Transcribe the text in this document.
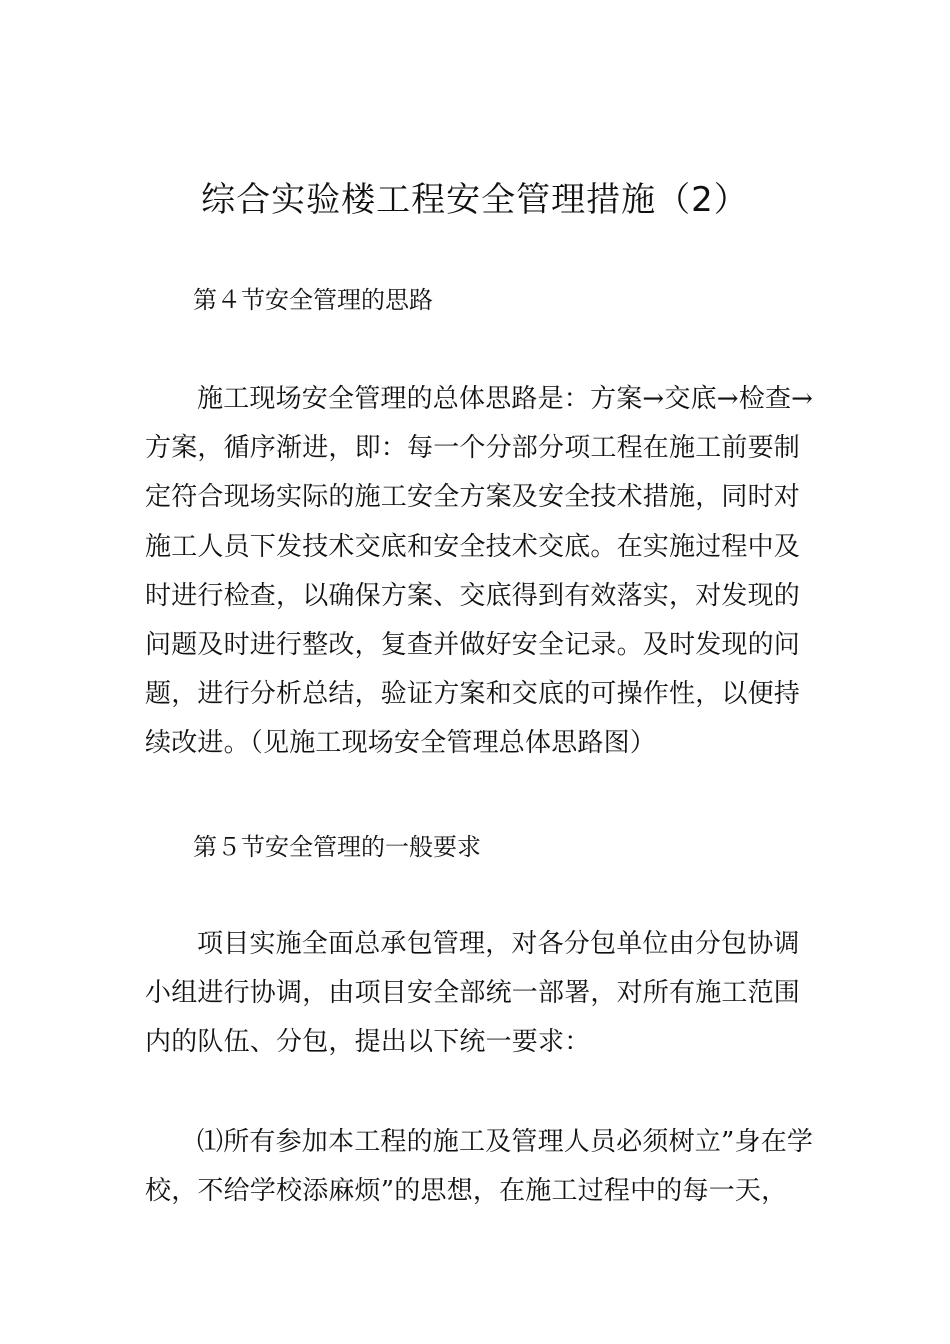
综合实验楼工程安全管理措施（2）
第４节安全管理的思路
施工现场安全管理的总体思路是：方案→交底→检查→方案，循序渐进，即：每一个分部分项工程在施工前要制定符合现场实际的施工安全方案及安全技术措施，同时对施工人员下发技术交底和安全技术交底。在实施过程中及时进行检查，以确保方案、交底得到有效落实，对发现的问题及时进行整改，复查并做好安全记录。及时发现的问题，进行分析总结，验证方案和交底的可操作性，以便持续改进。（见施工现场安全管理总体思路图）
第５节安全管理的一般要求
项目实施全面总承包管理，对各分包单位由分包协调小组进行协调，由项目安全部统一部署，对所有施工范围内的队伍、分包，提出以下统一要求：
⑴所有参加本工程的施工及管理人员必须树立”身在学校，不给学校添麻烦”的思想，在施工过程中的每一天，
